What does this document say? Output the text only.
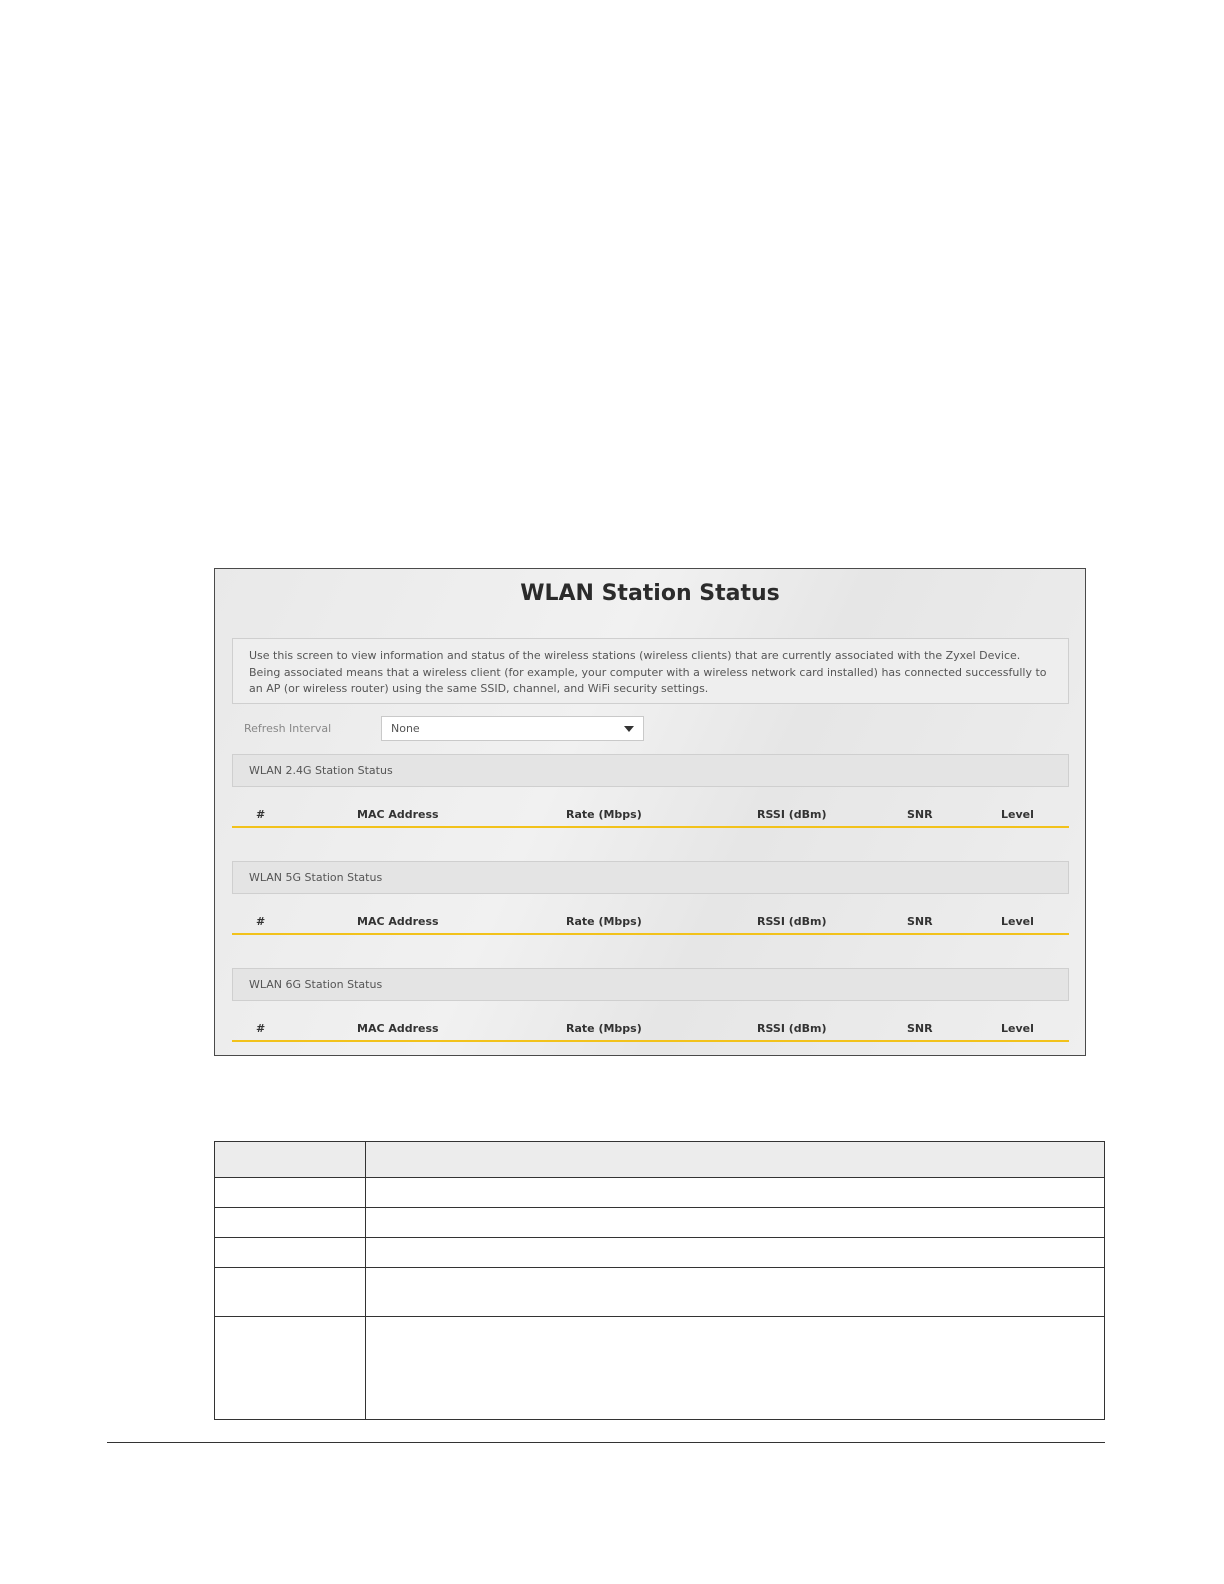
WLAN Station Status
Use this screen to view information and status of the wireless stations (wireless clients) that are currently associated with the Zyxel Device. Being associated means that a wireless client (for example, your computer with a wireless network card installed) has connected successfully to an AP (or wireless router) using the same SSID, channel, and WiFi security settings.
Refresh Interval	None
WLAN 2.4G Station Status
#	MAC Address	Rate (Mbps)	RSSI (dBm)	SNR	Level
WLAN 5G Station Status
#	MAC Address	Rate (Mbps)	RSSI (dBm)	SNR	Level
WLAN 6G Station Status
#	MAC Address	Rate (Mbps)	RSSI (dBm)	SNR	Level
